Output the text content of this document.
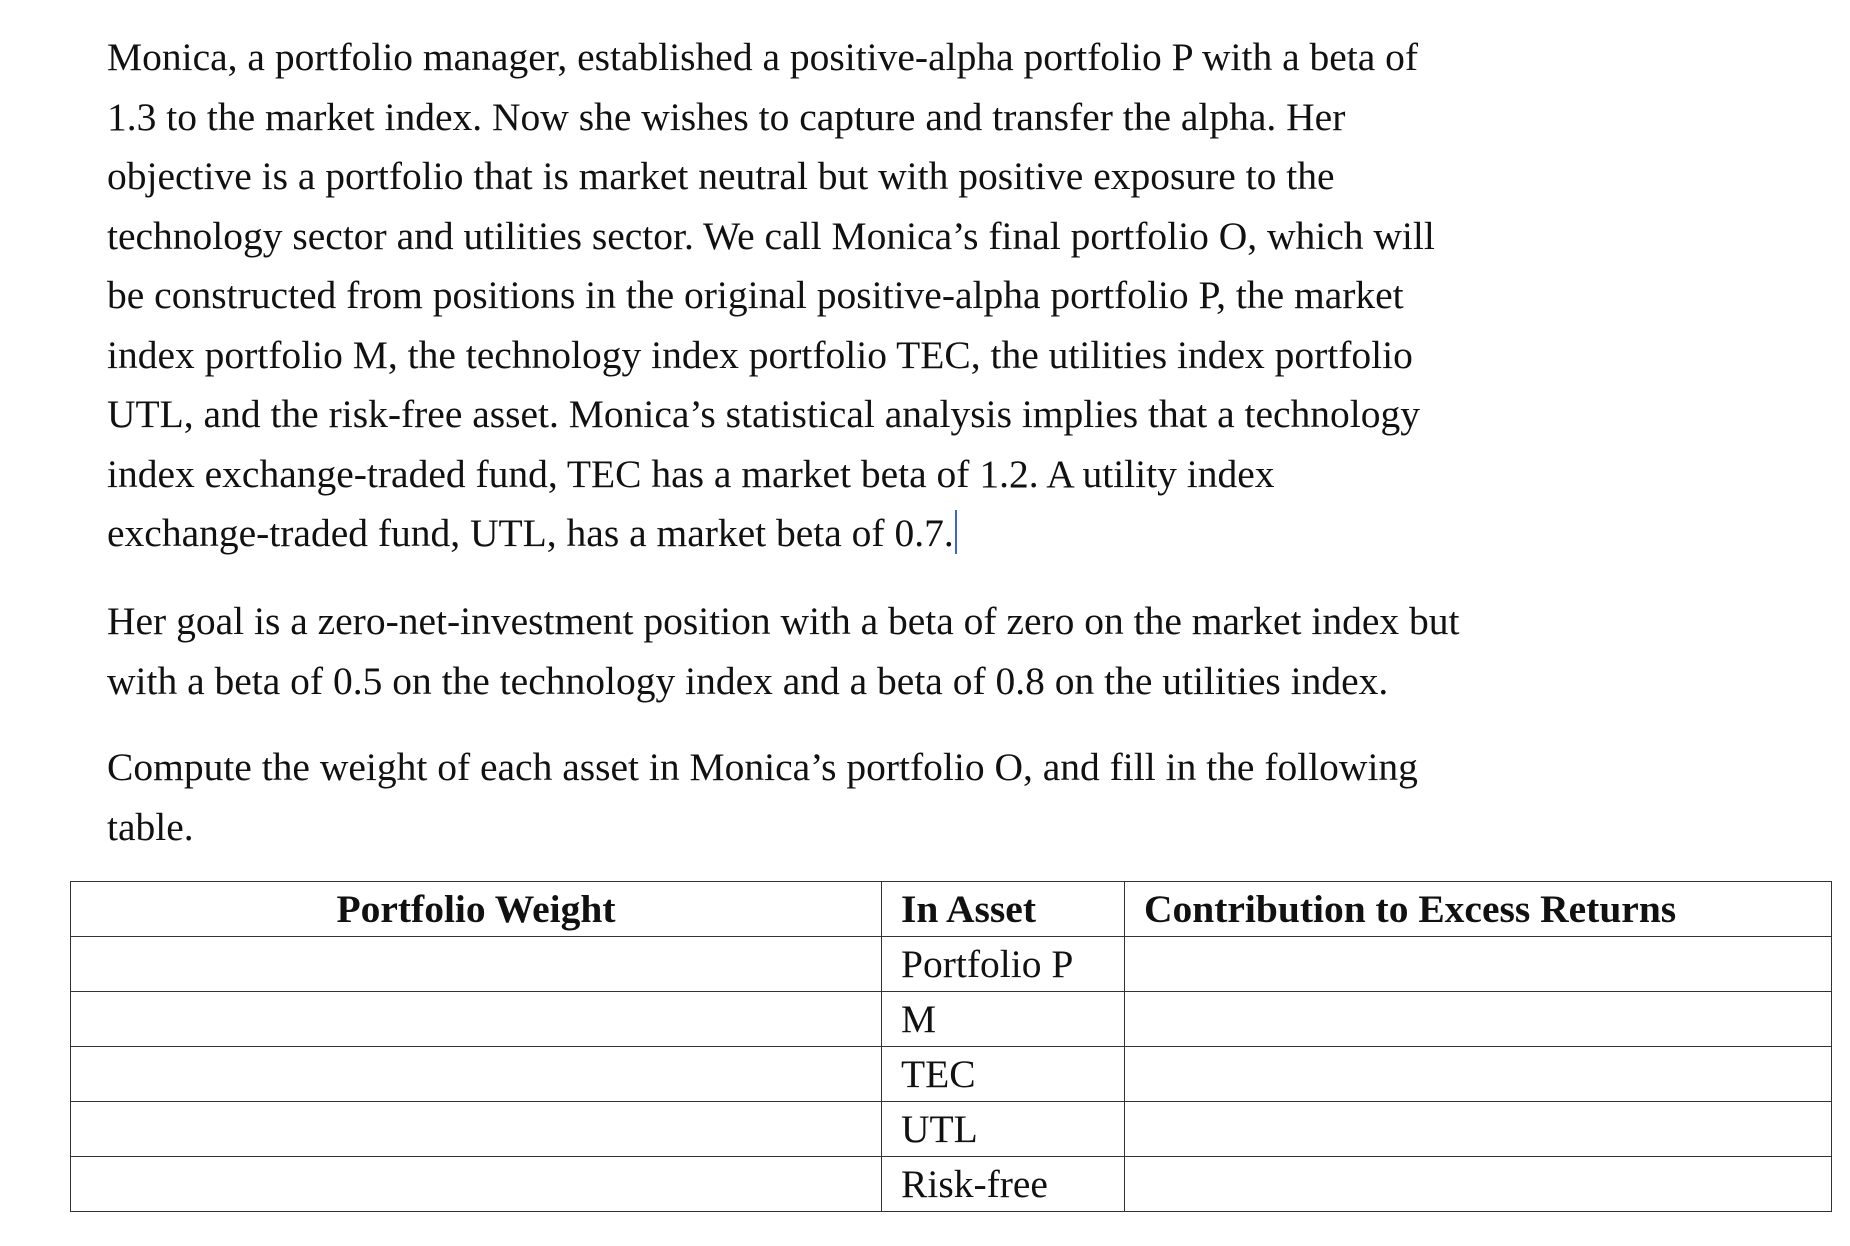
Monica, a portfolio manager, established a positive-alpha portfolio P with a beta of
1.3 to the market index. Now she wishes to capture and transfer the alpha. Her
objective is a portfolio that is market neutral but with positive exposure to the
technology sector and utilities sector. We call Monica’s final portfolio O, which will
be constructed from positions in the original positive-alpha portfolio P, the market
index portfolio M, the technology index portfolio TEC, the utilities index portfolio
UTL, and the risk-free asset. Monica’s statistical analysis implies that a technology
index exchange-traded fund, TEC has a market beta of 1.2. A utility index
exchange-traded fund, UTL, has a market beta of 0.7.

Her goal is a zero-net-investment position with a beta of zero on the market index but
with a beta of 0.5 on the technology index and a beta of 0.8 on the utilities index.

Compute the weight of each asset in Monica’s portfolio O, and fill in the following
table.

Portfolio Weight	In Asset	Contribution to Excess Returns
	Portfolio P	
	M	
	TEC	
	UTL	
	Risk-free	
